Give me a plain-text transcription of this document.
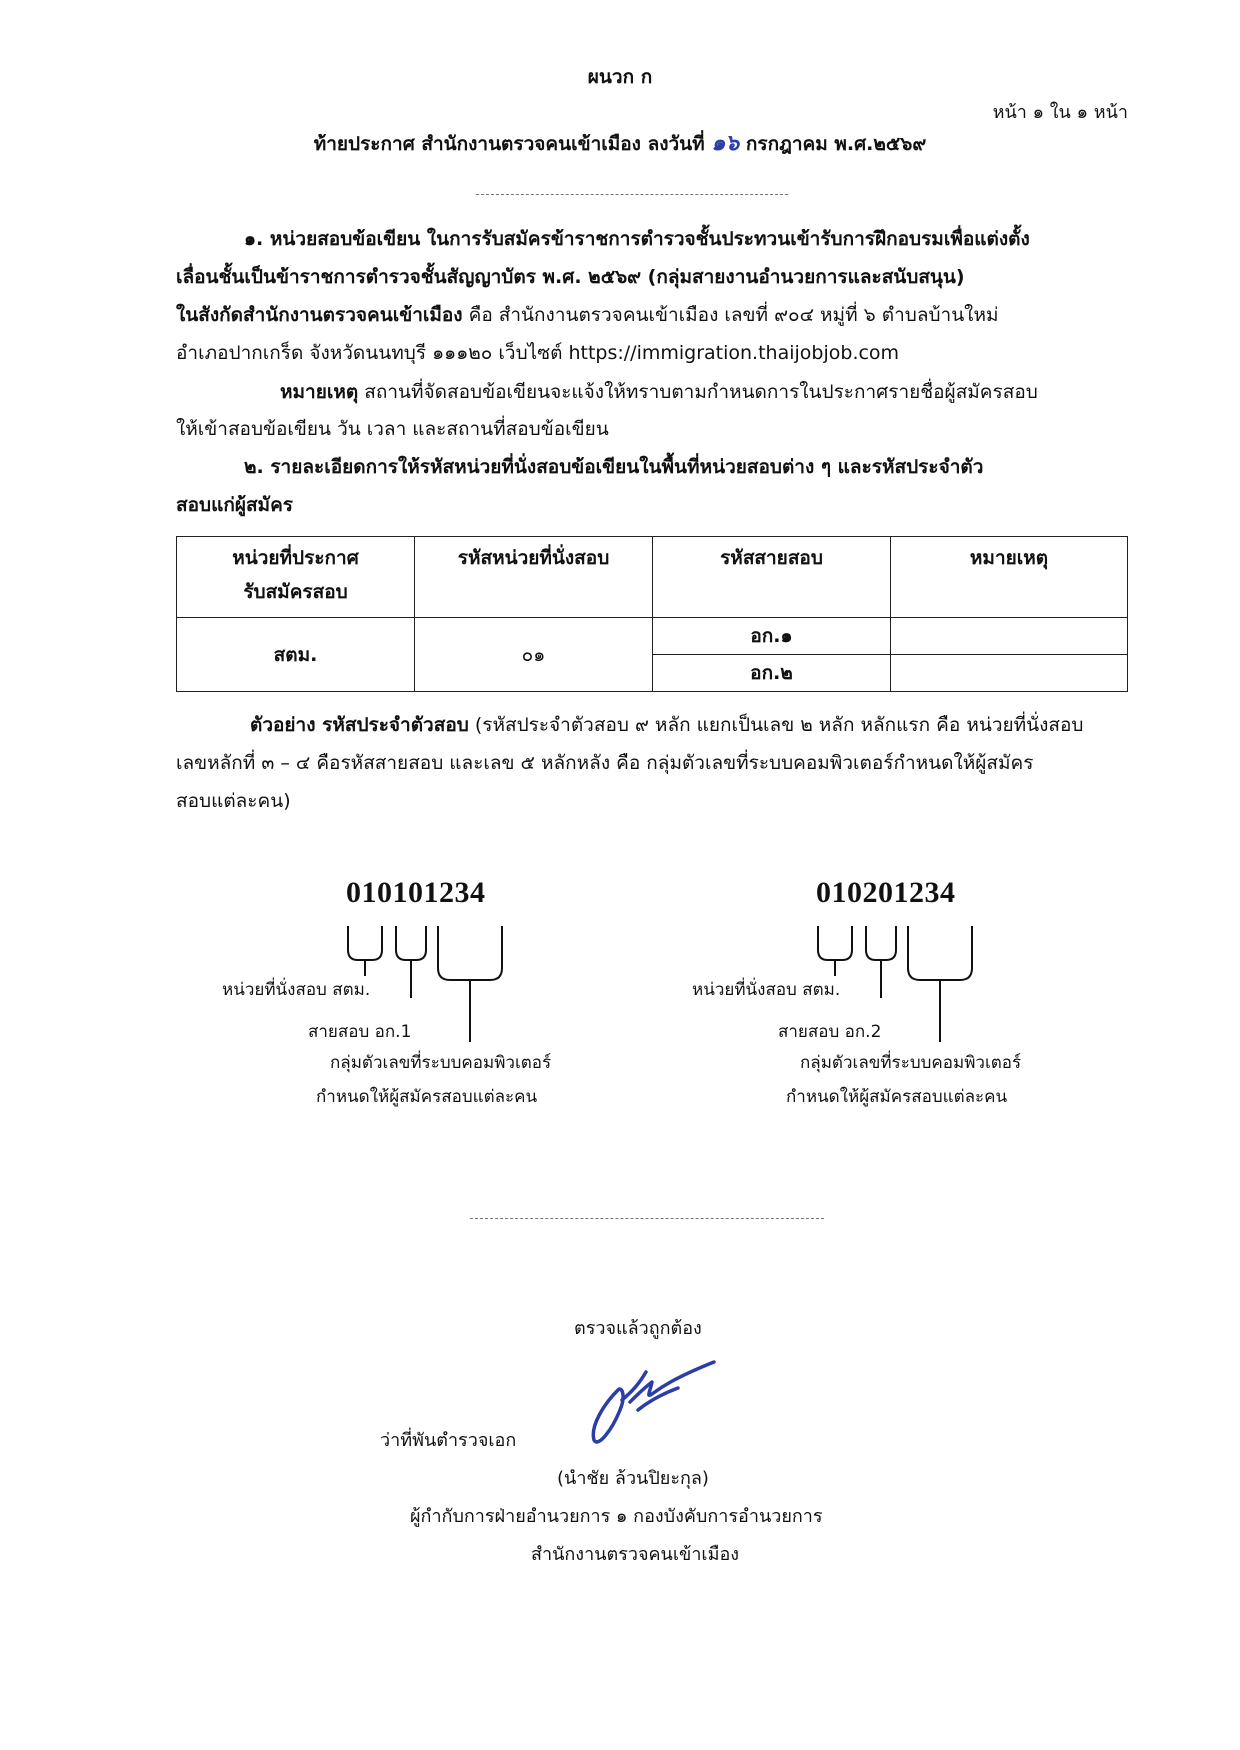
ผนวก ก
หน้า ๑ ใน ๑ หน้า
ท้ายประกาศ สำนักงานตรวจคนเข้าเมือง ลงวันที่ ๑๖ กรกฎาคม พ.ศ.๒๕๖๙
๑. หน่วยสอบข้อเขียน ในการรับสมัครข้าราชการตำรวจชั้นประทวนเข้ารับการฝึกอบรมเพื่อแต่งตั้ง
เลื่อนชั้นเป็นข้าราชการตำรวจชั้นสัญญาบัตร พ.ศ. ๒๕๖๙ (กลุ่มสายงานอำนวยการและสนับสนุน)
ในสังกัดสำนักงานตรวจคนเข้าเมือง คือ สำนักงานตรวจคนเข้าเมือง เลขที่ ๙๐๔ หมู่ที่ ๖ ตำบลบ้านใหม่
อำเภอปากเกร็ด จังหวัดนนทบุรี ๑๑๑๒๐ เว็บไซต์ https://immigration.thaijobjob.com
หมายเหตุ สถานที่จัดสอบข้อเขียนจะแจ้งให้ทราบตามกำหนดการในประกาศรายชื่อผู้สมัครสอบ
ให้เข้าสอบข้อเขียน วัน เวลา และสถานที่สอบข้อเขียน
๒. รายละเอียดการให้รหัสหน่วยที่นั่งสอบข้อเขียนในพื้นที่หน่วยสอบต่าง ๆ และรหัสประจำตัว
สอบแก่ผู้สมัคร
หน่วยที่ประกาศ
รับสมัครสอบ	รหัสหน่วยที่นั่งสอบ	รหัสสายสอบ	หมายเหตุ
สตม.	๐๑	อก.๑	
		อก.๒	
ตัวอย่าง รหัสประจำตัวสอบ (รหัสประจำตัวสอบ ๙ หลัก แยกเป็นเลข ๒ หลัก หลักแรก คือ หน่วยที่นั่งสอบ
เลขหลักที่ ๓ – ๔ คือรหัสสายสอบ และเลข ๕ หลักหลัง คือ กลุ่มตัวเลขที่ระบบคอมพิวเตอร์กำหนดให้ผู้สมัคร
สอบแต่ละคน)
010101234
หน่วยที่นั่งสอบ สตม.
สายสอบ อก.1
กลุ่มตัวเลขที่ระบบคอมพิวเตอร์
กำหนดให้ผู้สมัครสอบแต่ละคน
010201234
หน่วยที่นั่งสอบ สตม.
สายสอบ อก.2
กลุ่มตัวเลขที่ระบบคอมพิวเตอร์
กำหนดให้ผู้สมัครสอบแต่ละคน
ตรวจแล้วถูกต้อง
ว่าที่พันตำรวจเอก
(นำชัย ล้วนปิยะกุล)
ผู้กำกับการฝ่ายอำนวยการ ๑ กองบังคับการอำนวยการ
สำนักงานตรวจคนเข้าเมือง
